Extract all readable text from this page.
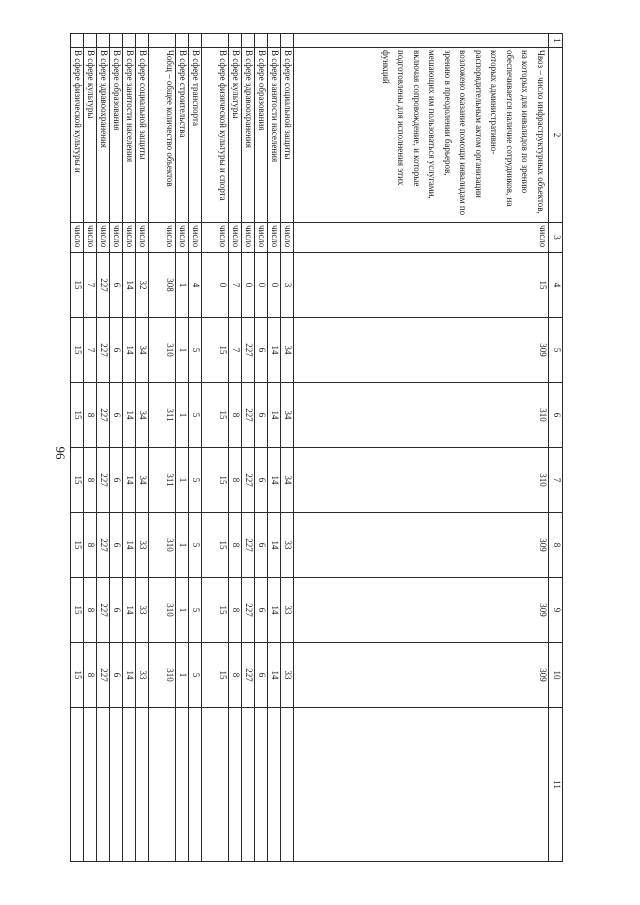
96
1	2	3	4	5	6	7	8	9	10	11
	Чвоз – число инфраструктурных объектов, на которых для инвалидов по зрению обеспечивается наличие сотрудников, на которых административно-распорядительным актом организации возложено оказание помощи инвалидам по зрению в преодолении барьеров, мешающих им пользоваться услугами, включая сопровождение, и которые подготовлены для исполнения этих функций	число	15	309	310	310	309	309	309	
	В сфере социальной защиты	число	3	34	34	34	33	33	33	
	В сфере занятости населения	число	0	14	14	14	14	14	14	
	В сфере образования	число	0	6	6	6	6	6	6	
	В сфере здравоохранения	число	0	227	227	227	227	227	227	
	В сфере культуры	число	7	7	8	8	8	8	8	
	В сфере физической культуры и спорта	число	0	15	15	15	15	15	15	
	В сфере транспорта	число	4	5	5	5	5	5	5	
	В сфере строительства	число	1	1	1	1	1	1	1	
	Чобщ – общее количество объектов	число	308	310	311	311	310	310	310	
	В сфере социальной защиты	число	32	34	34	34	33	33	33	
	В сфере занятости населения	число	14	14	14	14	14	14	14	
	В сфере образования	число	6	6	6	6	6	6	6	
	В сфере здравоохранения	число	227	227	227	227	227	227	227	
	В сфере культуры	число	7	7	8	8	8	8	8	
	В сфере физической культуры и	число	15	15	15	15	15	15	15	
